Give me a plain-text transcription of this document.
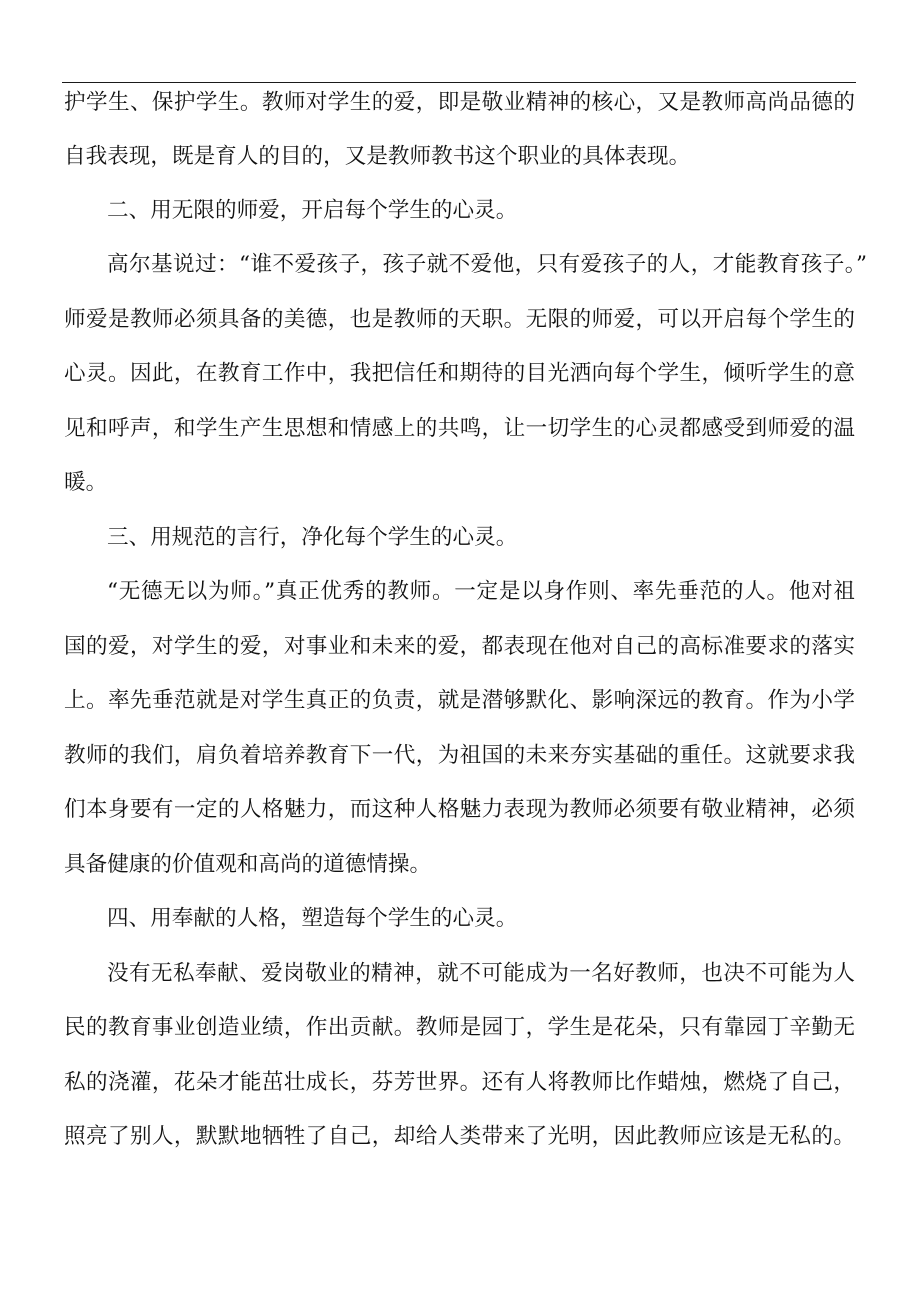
护学生、保护学生。教师对学生的爱，即是敬业精神的核心，又是教师高尚品德的
自我表现，既是育人的目的，又是教师教书这个职业的具体表现。
二、用无限的师爱，开启每个学生的心灵。
高尔基说过：“谁不爱孩子，孩子就不爱他，只有爱孩子的人，才能教育孩子。”
师爱是教师必须具备的美德，也是教师的天职。无限的师爱，可以开启每个学生的
心灵。因此，在教育工作中，我把信任和期待的目光洒向每个学生，倾听学生的意
见和呼声，和学生产生思想和情感上的共鸣，让一切学生的心灵都感受到师爱的温
暖。
三、用规范的言行，净化每个学生的心灵。
“无德无以为师。”真正优秀的教师。一定是以身作则、率先垂范的人。他对祖
国的爱，对学生的爱，对事业和未来的爱，都表现在他对自己的高标准要求的落实
上。率先垂范就是对学生真正的负责，就是潜够默化、影响深远的教育。作为小学
教师的我们，肩负着培养教育下一代，为祖国的未来夯实基础的重任。这就要求我
们本身要有一定的人格魅力，而这种人格魅力表现为教师必须要有敬业精神，必须
具备健康的价值观和高尚的道德情操。
四、用奉献的人格，塑造每个学生的心灵。
没有无私奉献、爱岗敬业的精神，就不可能成为一名好教师，也决不可能为人
民的教育事业创造业绩，作出贡献。教师是园丁，学生是花朵，只有靠园丁辛勤无
私的浇灌，花朵才能茁壮成长，芬芳世界。还有人将教师比作蜡烛，燃烧了自己，
照亮了别人，默默地牺牲了自己，却给人类带来了光明，因此教师应该是无私的。
